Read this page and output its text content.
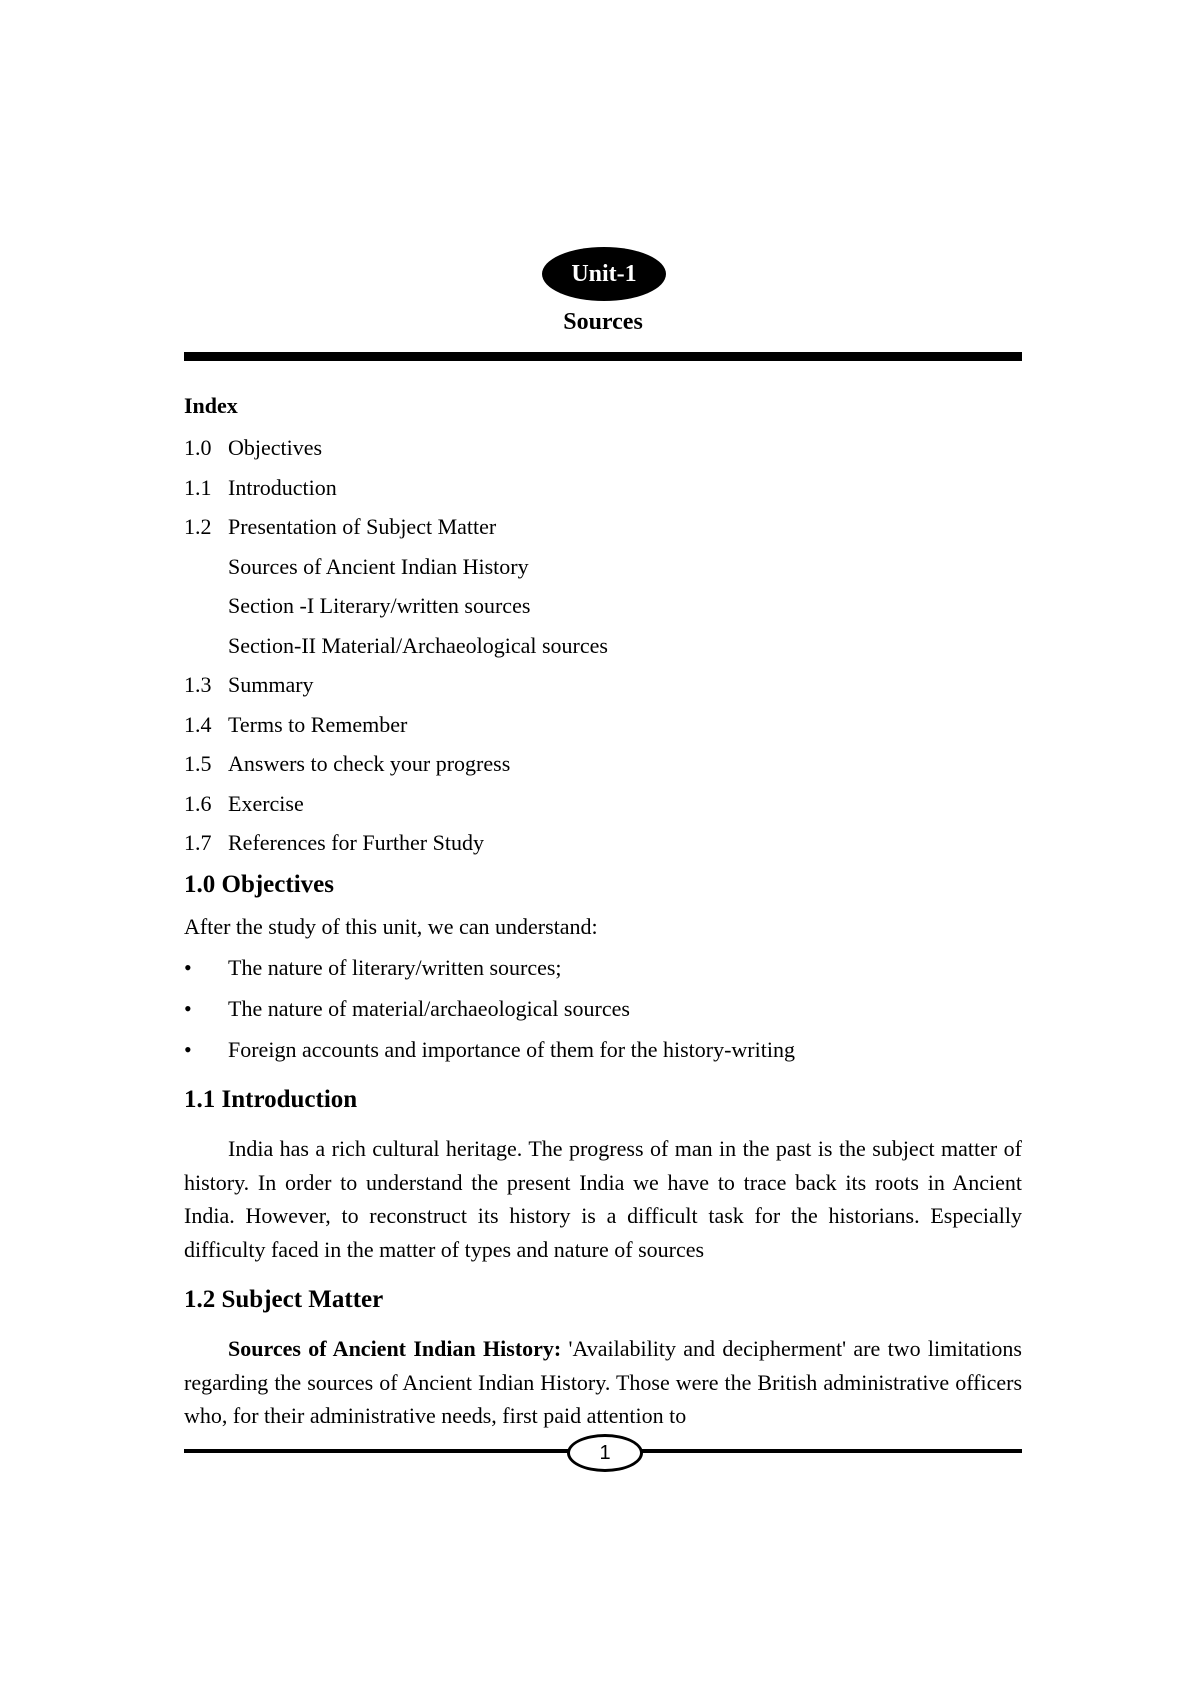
Unit-1
Sources
Index
1.0 Objectives
1.1 Introduction
1.2 Presentation of Subject Matter
Sources of Ancient Indian History
Section -I Literary/written sources
Section-II Material/Archaeological sources
1.3 Summary
1.4 Terms to Remember
1.5 Answers to check your progress
1.6 Exercise
1.7 References for Further Study
1.0 Objectives
After the study of this unit, we can understand:
•	The nature of literary/written sources;
•	The nature of material/archaeological sources
•	Foreign accounts and importance of them for the history-writing
1.1 Introduction

India has a rich cultural heritage. The progress of man in the past is the subject matter of history. In order to understand the present India we have to trace back its roots in Ancient India. However, to reconstruct its history is a difficult task for the historians. Especially difficulty faced in the matter of types and nature of sources

1.2 Subject Matter

Sources of Ancient Indian History: 'Availability and decipherment' are two limitations regarding the sources of Ancient Indian History. Those were the British administrative officers who, for their administrative needs, first paid attention to

1
